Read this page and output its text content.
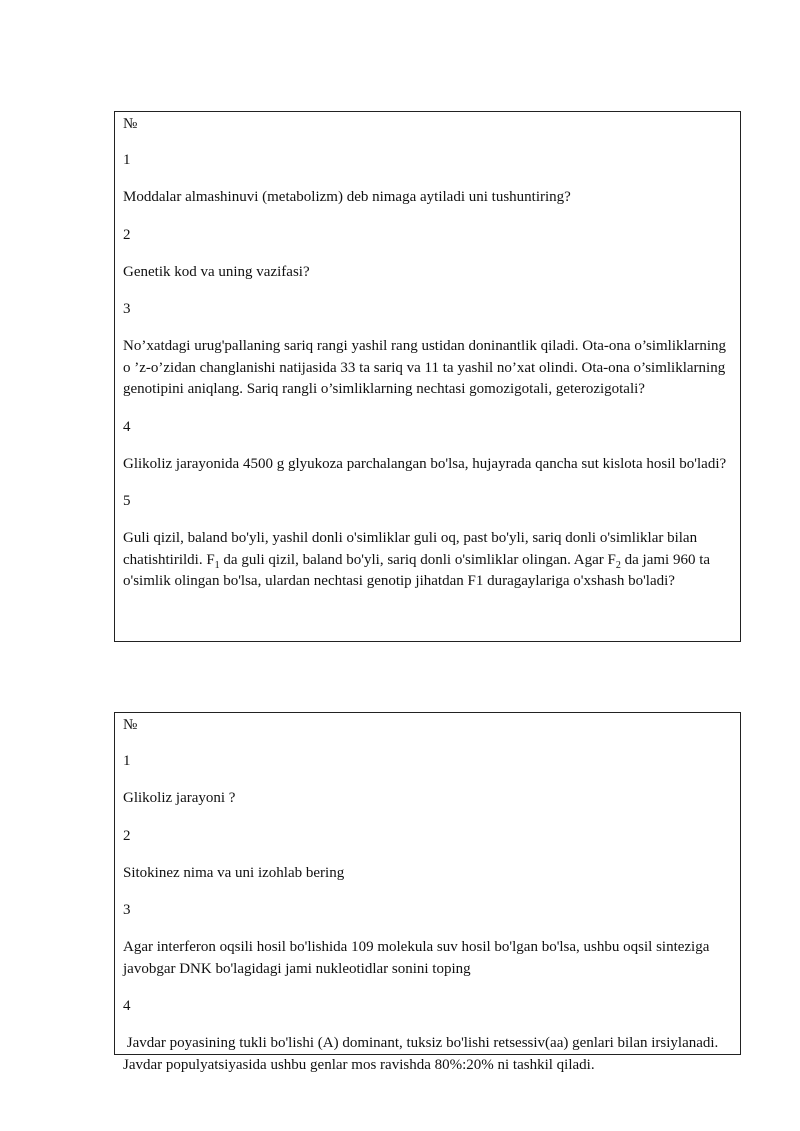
№

1

Moddalar almashinuvi (metabolizm) deb nimaga aytiladi uni tushuntiring?

2

Genetik kod va uning vazifasi?

3

No’xatdagi urug'pallaning sariq rangi yashil rang ustidan doninantlik qiladi. Ota-ona o’simliklarning o ’z-o’zidan changlanishi natijasida 33 ta sariq va 11 ta yashil no’xat olindi. Ota-ona o’simliklarning genotipini aniqlang. Sariq rangli o’simliklarning nechtasi gomozigotali, geterozigotali?

4

Glikoliz jarayonida 4500 g glyukoza parchalangan bo'lsa, hujayrada qancha sut kislota hosil bo'ladi?

5

Guli qizil, baland bo'yli, yashil donli o'simliklar guli oq, past bo'yli, sariq donli o'simliklar bilan chatishtirildi. $F_1$ da guli qizil, baland bo'yli, sariq donli o'simliklar olingan. Agar $F_2$ da jami 960 ta o'simlik olingan bo'lsa, ulardan nechtasi genotip jihatdan F1 duragaylariga o'xshash bo'ladi?

№

1

Glikoliz jarayoni ?

2

Sitokinez nima va uni izohlab bering

3

Agar interferon oqsili hosil bo'lishida 109 molekula suv hosil bo'lgan bo'lsa, ushbu oqsil sinteziga javobgar DNK bo'lagidagi jami nukleotidlar sonini toping

4

Javdar poyasining tukli bo'lishi (A) dominant, tuksiz bo'lishi retsessiv(aa) genlari bilan irsiylanadi. Javdar populyatsiyasida ushbu genlar mos ravishda 80%:20% ni tashkil qiladi.
